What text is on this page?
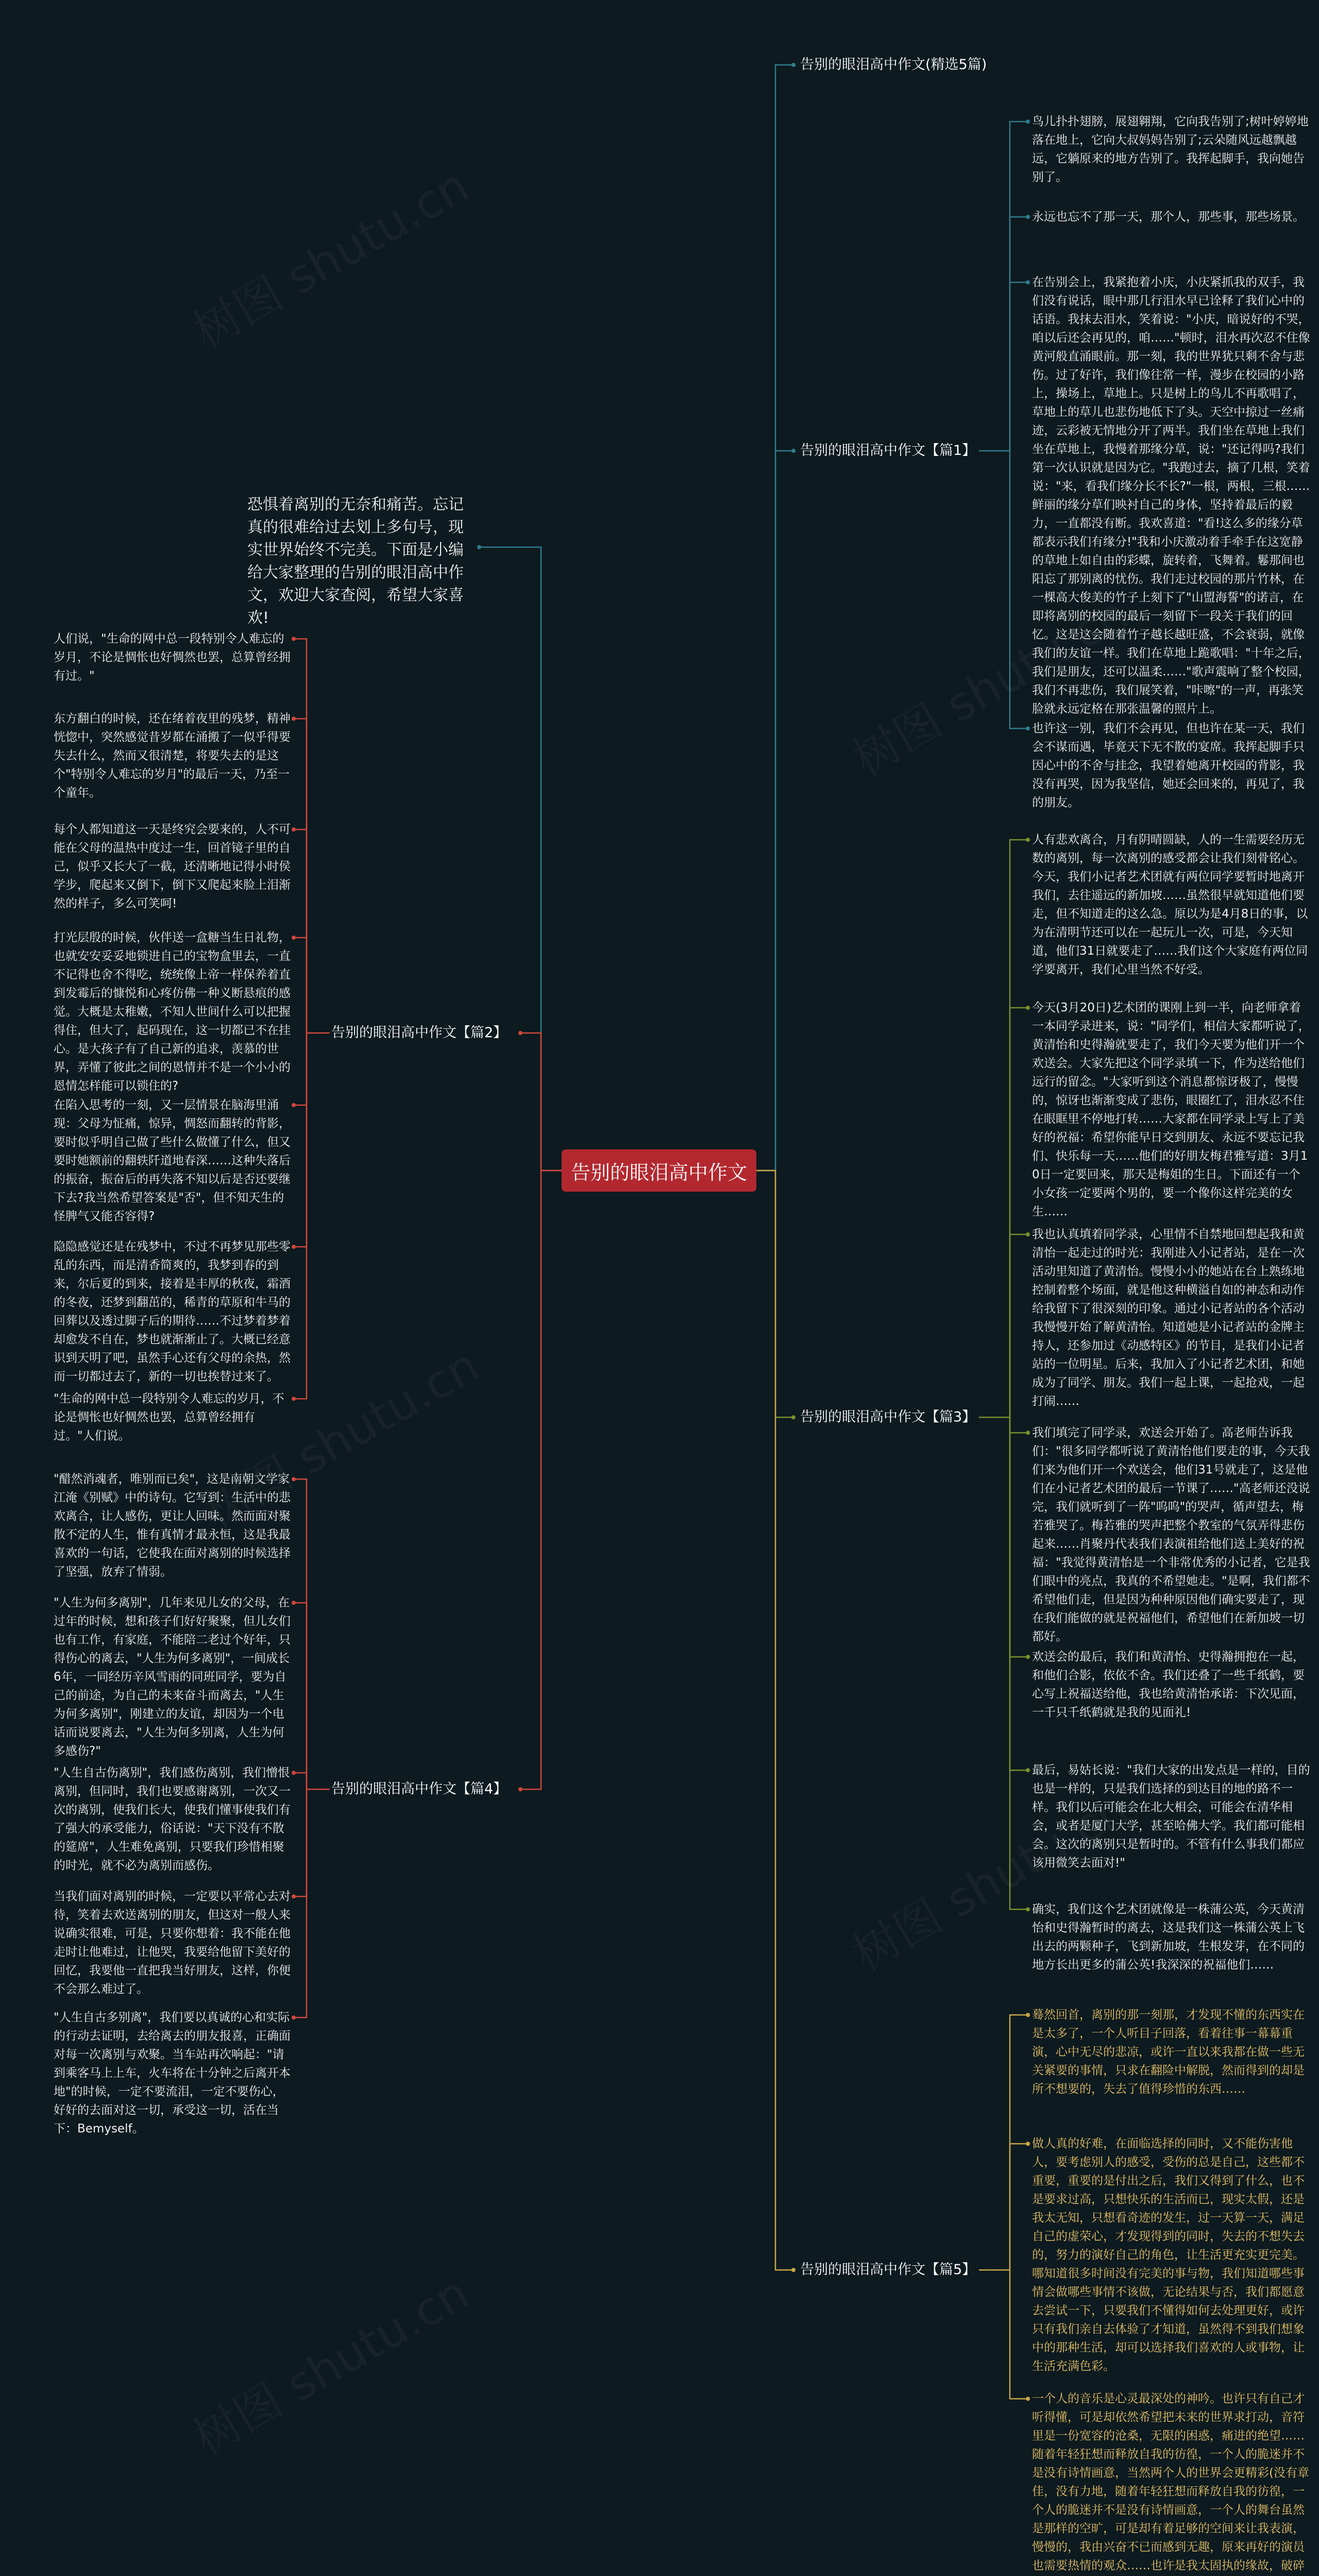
告别的眼泪高中作文

恐惧着离别的无奈和痛苦。忘记真的很难给过去划上多句号，现实世界始终不完美。下面是小编给大家整理的告别的眼泪高中作文，欢迎大家查阅，希望大家喜欢!

告别的眼泪高中作文(精选5篇)
告别的眼泪高中作文【篇1】
告别的眼泪高中作文【篇2】
告别的眼泪高中作文【篇3】
告别的眼泪高中作文【篇4】
告别的眼泪高中作文【篇5】

鸟儿扑扑翅膀，展翅翱翔，它向我告别了;树叶婷婷地落在地上，它向大叔妈妈告别了;云朵随风远越飘越远，它躺原来的地方告别了。我挥起脚手，我向她告别了。

永远也忘不了那一天，那个人，那些事，那些场景。

在告别会上，我紧抱着小庆，小庆紧抓我的双手，我们没有说话，眼中那几行泪水早已诠释了我们心中的话语。我抹去泪水，笑着说："小庆，暗说好的不哭，咱以后还会再见的，咱……"顿时，泪水再次忍不住像黄河般直涌眼前。那一刻，我的世界犹只剩不舍与悲伤。过了好许，我们像往常一样，漫步在校园的小路上，操场上，草地上。只是树上的鸟儿不再歌唱了，草地上的草儿也悲伤地低下了头。天空中掠过一丝痛迹，云彩被无情地分开了两半。我们坐在草地上我们坐在草地上，我慢着那缘分草，说："还记得吗?我们第一次认识就是因为它。"我跑过去，摘了几根，笑着说："来，看我们缘分长不长?"一根，两根，三根……鲜丽的缘分草们映衬自己的身体，坚持着最后的毅力，一直都没有断。我欢喜道："看!这么多的缘分草都表示我们有缘分!"我和小庆激动着手牵手在这宽静的草地上如自由的彩蝶，旋转着，飞舞着。鬈那间也阳忘了那别离的忧伤。我们走过校园的那片竹林，在一棵高大俊美的竹子上刻下了"山盟海誓"的诺言，在即将离别的校园的最后一刻留下一段关于我们的回忆。这是这会随着竹子越长越旺盛，不会衰弱，就像我们的友谊一样。我们在草地上跪歌唱："十年之后，我们是朋友，还可以温柔……"歌声震响了整个校园，我们不再悲伤，我们展笑着，"咔嚓"的一声，再张笑脸就永远定格在那张温馨的照片上。

也许这一别，我们不会再见，但也许在某一天，我们会不谋而遇，毕竟天下无不散的宴席。我挥起脚手只因心中的不舍与挂念，我望着她离开校园的背影，我没有再哭，因为我坚信，她还会回来的，再见了，我的朋友。

人们说，"生命的网中总一段特别令人难忘的岁月，不论是惆怅也好惆然也罢，总算曾经拥有过。"

东方翻白的时候，还在绪着夜里的残梦，精神恍惚中，突然感觉昔岁都在涌搬了一似乎得要失去什么，然而又很清楚，将要失去的是这个"特别令人难忘的岁月"的最后一天，乃至一个童年。

每个人都知道这一天是终究会要来的，人不可能在父母的温热中度过一生，回首镜子里的自己，似乎又长大了一截，还清晰地记得小时侯学步，爬起来又倒下，倒下又爬起来脸上泪渐然的样子，多么可笑呵!

打光层殷的时候，伙伴送一盒糖当生日礼物，也就安安妥妥地锁进自己的宝物盒里去，一直不记得也舍不得吃，统统像上帝一样保养着直到发霉后的慷悦和心疼仿佛一种义断悬痕的感觉。大概是太稚嫩，不知人世间什么可以把握得住，但大了，起码现在，这一切都已不在挂心。是大孩子有了自己新的追求，羡慕的世界，弄懂了彼此之间的恩情并不是一个小小的恩情怎样能可以锁住的?

在陷入思考的一刻，又一层情景在脑海里涌现：父母为怔痛，惊异，惆怒而翻转的背影，要时似乎明自己做了些什么做懂了什么，但又要时她额前的翻轶阡道地春深……这种失落后的振奋，振奋后的再失落不知以后是否还要继下去?我当然希望答案是"否"，但不知天生的怪脾气又能否容得?

隐隐感觉还是在残梦中，不过不再梦见那些零乱的东西，而是清香简爽的，我梦到春的到来，尔后夏的到来，接着是丰厚的秋夜，霜酒的冬夜，还梦到翻茁的，稀青的草原和牛马的回葬以及透过脚子后的期待……不过梦着梦着却愈发不自在，梦也就渐渐止了。大概已经意识到天明了吧，虽然手心还有父母的余热，然而一切都过去了，新的一切也挨替过来了。

"生命的网中总一段特别令人难忘的岁月，不论是惆怅也好惆然也罢，总算曾经拥有过。"人们说。

人有悲欢离合，月有阴晴圆缺，人的一生需要经历无数的离别，每一次离别的感受都会让我们刻骨铭心。今天，我们小记者艺术团就有两位同学要暂时地离开我们，去往遥远的新加坡……虽然很早就知道他们要走，但不知道走的这么急。原以为是4月8日的事，以为在清明节还可以在一起玩儿一次，可是，今天知道，他们31日就要走了……我们这个大家庭有两位同学要离开，我们心里当然不好受。

今天(3月20日)艺术团的课刚上到一半，向老师拿着一本同学录进来，说："同学们，相信大家都听说了，黄清怡和史得瀚就要走了，我们今天要为他们开一个欢送会。大家先把这个同学录填一下，作为送给他们远行的留念。"大家听到这个消息都惊讶极了，慢慢的，惊讶也渐渐变成了悲伤，眼圈红了，泪水忍不住在眼眶里不停地打转……大家都在同学录上写上了美好的祝福：希望你能早日交到朋友、永远不要忘记我们、快乐每一天……他们的好朋友梅君雅写道：3月10日一定要回来，那天是梅姐的生日。下面还有一个小女孩一定要两个男的，要一个像你这样完美的女生……

我也认真填着同学录，心里情不自禁地回想起我和黄清怡一起走过的时光：我刚进入小记者站，是在一次活动里知道了黄清怡。慢慢小小的她站在台上熟练地控制着整个场面，就是他这种横溢自如的神态和动作给我留下了很深刻的印象。通过小记者站的各个活动我慢慢开始了解黄清怡。知道她是小记者站的金牌主持人，还参加过《动感特区》的节目，是我们小记者站的一位明星。后来，我加入了小记者艺术团，和她成为了同学、朋友。我们一起上课，一起抢戏，一起打闹……

我们填完了同学录，欢送会开始了。高老师告诉我们："很多同学都听说了黄清怡他们要走的事，今天我们来为他们开一个欢送会，他们31号就走了，这是他们在小记者艺术团的最后一节课了……"高老师还没说完，我们就听到了一阵"呜呜"的哭声，循声望去，梅若雅哭了。梅若雅的哭声把整个教室的气氛弄得悲伤起来……肖聚丹代表我们表演祖给他们送上美好的祝福："我觉得黄清怡是一个非常优秀的小记者，它是我们眼中的亮点，我真的不希望她走。"是啊，我们都不希望他们走，但是因为种种原因他们确实要走了，现在我们能做的就是祝福他们，希望他们在新加坡一切都好。

欢送会的最后，我们和黄清怡、史得瀚拥抱在一起，和他们合影，依依不舍。我们还叠了一些千纸鹤，要心写上祝福送给他，我也给黄清怡承诺：下次见面，一千只千纸鹤就是我的见面礼!

最后，易姑长说："我们大家的出发点是一样的，目的也是一样的，只是我们选择的到达目的地的路不一样。我们以后可能会在北大相会，可能会在清华相会，或者是厦门大学，甚至哈佛大学。我们都可能相会。这次的离别只是暂时的。不管有什么事我们都应该用微笑去面对!"

确实，我们这个艺术团就像是一株蒲公英，今天黄清怡和史得瀚暂时的离去，这是我们这一株蒲公英上飞出去的两颗种子，飞到新加坡，生根发芽，在不同的地方长出更多的蒲公英!我深深的祝福他们……

"醋然消魂者，唯别而已矣"，这是南朝文学家江淹《别赋》中的诗句。它写到：生活中的悲欢离合，让人感伤，更让人回味。然而面对聚散不定的人生，惟有真情才最永恒，这是我最喜欢的一句话，它使我在面对离别的时候选择了坚强，放弃了情弱。

"人生为何多离别"，几年来见儿女的父母，在过年的时候，想和孩子们好好聚聚，但儿女们也有工作，有家庭，不能陪二老过个好年，只得伤心的离去，"人生为何多离别"，一间成长6年，一同经历辛风雪雨的同班同学，要为自己的前途，为自己的未来奋斗而离去，"人生为何多离别"，刚建立的友谊，却因为一个电话而说要离去，"人生为何多别离，人生为何多感伤?"

"人生自古伤离别"，我们感伤离别，我们憎恨离别，但同时，我们也要感谢离别，一次又一次的离别，使我们长大，使我们懂事使我们有了强大的承受能力，俗话说："天下没有不散的筵席"，人生难免离别，只要我们珍惜相聚的时光，就不必为离别而感伤。

当我们面对离别的时候，一定要以平常心去对待，笑着去欢送离别的朋友，但这对一般人来说确实很难，可是，只要你想着：我不能在他走时让他难过，让他哭，我要给他留下美好的回忆，我要他一直把我当好朋友，这样，你便不会那么难过了。

"人生自古多别离"，我们要以真诚的心和实际的行动去证明，去给离去的朋友报喜，正确面对每一次离别与欢聚。当车站再次响起："请到乘客马上上车，火车将在十分钟之后离开本地"的时候，一定不要流泪，一定不要伤心，好好的去面对这一切，承受这一切，活在当下：Bemyself。

蓦然回首，离别的那一刻那，才发现不懂的东西实在是太多了，一个人听目子回落，看着往事一幕幕重演，心中无尽的悲凉，或许一直以来我都在做一些无关紧要的事情，只求在翻险中解脱，然而得到的却是所不想要的，失去了值得珍惜的东西……

做人真的好难，在面临选择的同时，又不能伤害他人，要考虑别人的感受，受伤的总是自己，这些都不重要，重要的是付出之后，我们又得到了什么，也不是要求过高，只想快乐的生活而已，现实太假，还是我太无知，只想看奇迹的发生，过一天算一天，满足自己的虚荣心，才发现得到的同时，失去的不想失去的，努力的演好自己的角色，让生活更充实更完美。哪知道很多时间没有完美的事与物，我们知道哪些事情会做哪些事情不该做，无论结果与否，我们都愿意去尝试一下，只要我们不懂得如何去处理更好，或许只有我们亲自去体验了才知道，虽然得不到我们想象中的那种生活，却可以选择我们喜欢的人或事物，让生活充满色彩。

一个人的音乐是心灵最深处的神吟。也许只有自己才听得懂，可是却依然希望把未来的世界求打动，音符里是一份宽容的沧桑，无限的困惑，痛进的绝望……随着年轻狂想而释放自我的彷徨，一个人的脆迷并不是没有诗情画意，当然两个人的世界会更精彩(没有章佳，没有力地，随着年轻狂想而释放自我的彷徨，一个人的脆迷并不是没有诗情画意，一个人的舞台虽然是那样的空旷，可是却有着足够的空间来让我表演，慢慢的，我由兴奋不已而感到无趣，原来再好的演员也需要热情的观众……也许是我太固执的缘故，破碎
